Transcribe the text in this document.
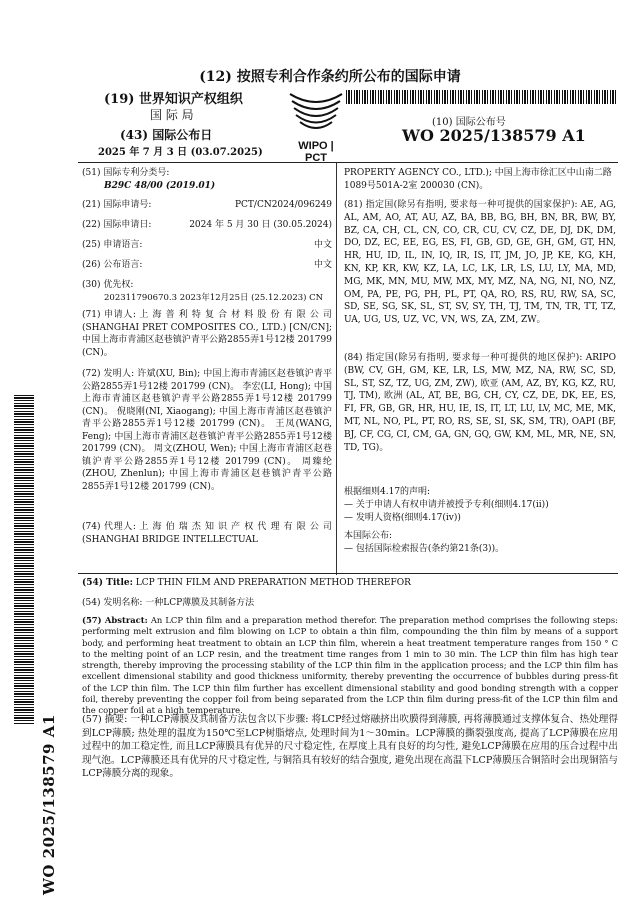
(12) 按照专利合作条约所公布的国际申请
(19) 世界知识产权组织
国 际 局
(43) 国际公布日
2025 年 7 月 3 日 (03.07.2025)
WIPO | PCT
(10) 国际公布号
WO 2025/138579 A1
(51) 国际专利分类号:
B29C 48/00 (2019.01)
(21) 国际申请号:	PCT/CN2024/096249
(22) 国际申请日:	2024 年 5 月 30 日 (30.05.2024)
(25) 申请语言:	中文
(26) 公布语言:	中文
(30) 优先权:
202311790670.3 2023年12月25日 (25.12.2023) CN
(71) 申请人: 上 海 普 利 特 复 合 材 料 股 份 有 限 公 司 (SHANGHAI PRET COMPOSITES CO., LTD.) [CN/CN]; 中国上海市青浦区赵巷镇沪青平公路2855弄1号12楼 201799 (CN)。
(72) 发明人: 许斌(XU, Bin); 中国上海市青浦区赵巷镇沪青平公路2855弄1号12楼 201799 (CN)。 李宏(LI, Hong); 中国上海市青浦区赵巷镇沪青平公路2855弄1号12楼 201799 (CN)。 倪晓刚(NI, Xiaogang); 中国上海市青浦区赵巷镇沪青平公路2855弄1号12楼 201799 (CN)。 王凤(WANG, Feng); 中国上海市青浦区赵巷镇沪青平公路2855弄1号12楼 201799 (CN)。 周文(ZHOU, Wen); 中国上海市青浦区赵巷镇沪青平公路2855弄1号12楼 201799 (CN)。 周臻纶(ZHOU, Zhenlun); 中国上海市青浦区赵巷镇沪青平公路2855弄1号12楼 201799 (CN)。
(74) 代理人: 上 海 伯 瑞 杰 知 识 产 权 代 理 有 限 公 司 (SHANGHAI BRIDGE INTELLECTUAL
PROPERTY AGENCY CO., LTD.); 中国上海市徐汇区中山南二路1089号501A-2室 200030 (CN)。
(81) 指定国(除另有指明, 要求每一种可提供的国家保护): AE, AG, AL, AM, AO, AT, AU, AZ, BA, BB, BG, BH, BN, BR, BW, BY, BZ, CA, CH, CL, CN, CO, CR, CU, CV, CZ, DE, DJ, DK, DM, DO, DZ, EC, EE, EG, ES, FI, GB, GD, GE, GH, GM, GT, HN, HR, HU, ID, IL, IN, IQ, IR, IS, IT, JM, JO, JP, KE, KG, KH, KN, KP, KR, KW, KZ, LA, LC, LK, LR, LS, LU, LY, MA, MD, MG, MK, MN, MU, MW, MX, MY, MZ, NA, NG, NI, NO, NZ, OM, PA, PE, PG, PH, PL, PT, QA, RO, RS, RU, RW, SA, SC, SD, SE, SG, SK, SL, ST, SV, SY, TH, TJ, TM, TN, TR, TT, TZ, UA, UG, US, UZ, VC, VN, WS, ZA, ZM, ZW。
(84) 指定国(除另有指明, 要求每一种可提供的地区保护): ARIPO (BW, CV, GH, GM, KE, LR, LS, MW, MZ, NA, RW, SC, SD, SL, ST, SZ, TZ, UG, ZM, ZW), 欧亚 (AM, AZ, BY, KG, KZ, RU, TJ, TM), 欧洲 (AL, AT, BE, BG, CH, CY, CZ, DE, DK, EE, ES, FI, FR, GB, GR, HR, HU, IE, IS, IT, LT, LU, LV, MC, ME, MK, MT, NL, NO, PL, PT, RO, RS, SE, SI, SK, SM, TR), OAPI (BF, BJ, CF, CG, CI, CM, GA, GN, GQ, GW, KM, ML, MR, NE, SN, TD, TG)。
根据细则4.17的声明:
— 关于申请人有权申请并被授予专利(细则4.17(ii))
— 发明人资格(细则4.17(iv))
本国际公布:
— 包括国际检索报告(条约第21条(3))。
(54) Title: LCP THIN FILM AND PREPARATION METHOD THEREFOR
(54) 发明名称: 一种LCP薄膜及其制备方法
(57) Abstract: An LCP thin film and a preparation method therefor. The preparation method comprises the following steps: performing melt extrusion and film blowing on LCP to obtain a thin film, compounding the thin film by means of a support body, and performing heat treatment to obtain an LCP thin film, wherein a heat treatment temperature ranges from 150 ° C to the melting point of an LCP resin, and the treatment time ranges from 1 min to 30 min. The LCP thin film has high tear strength, thereby improving the processing stability of the LCP thin film in the application process; and the LCP thin film has excellent dimensional stability and good thickness uniformity, thereby preventing the occurrence of bubbles during press-fit of the LCP thin film. The LCP thin film further has excellent dimensional stability and good bonding strength with a copper foil, thereby preventing the copper foil from being separated from the LCP thin film during press-fit of the LCP thin film and the copper foil at a high temperature.
(57) 摘要: 一种LCP薄膜及其制备方法包含以下步骤: 将LCP经过熔融挤出吹膜得到薄膜, 再将薄膜通过支撑体复合、热处理得到LCP薄膜; 热处理的温度为150℃至LCP树脂熔点, 处理时间为1～30min。LCP薄膜的撕裂强度高, 提高了LCP薄膜在应用过程中的加工稳定性, 而且LCP薄膜具有优异的尺寸稳定性, 在厚度上具有良好的均匀性, 避免LCP薄膜在应用的压合过程中出现气泡。LCP薄膜还具有优异的尺寸稳定性, 与铜箔具有较好的结合强度, 避免出现在高温下LCP薄膜压合铜箔时会出现铜箔与LCP薄膜分离的现象。
WO 2025/138579 A1
